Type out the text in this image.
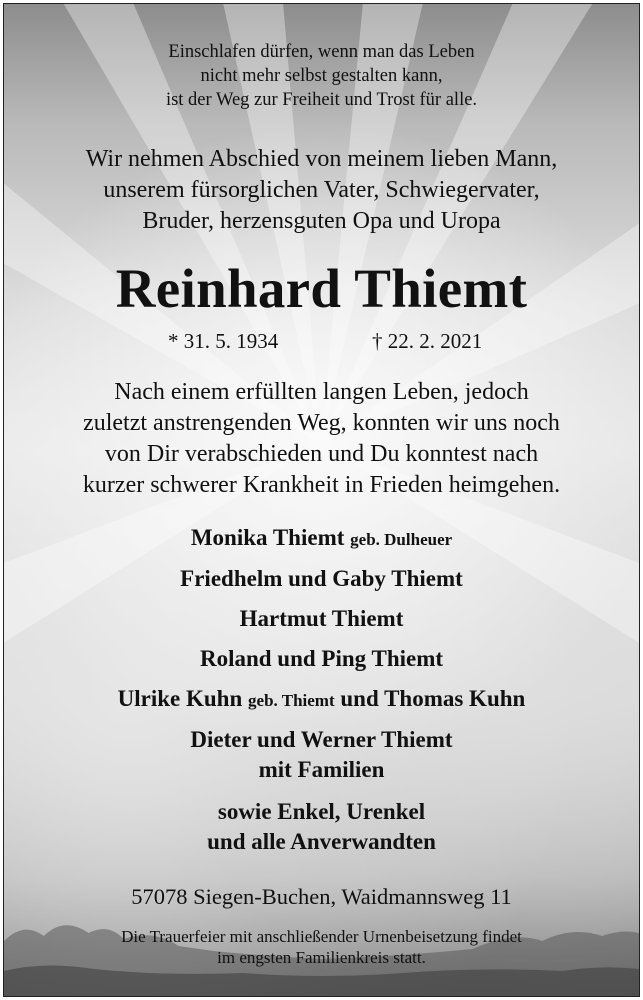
Einschlafen dürfen, wenn man das Leben
nicht mehr selbst gestalten kann,
ist der Weg zur Freiheit und Trost für alle.
Wir nehmen Abschied von meinem lieben Mann,
unserem fürsorglichen Vater, Schwiegervater,
Bruder, herzensguten Opa und Uropa
Reinhard Thiemt
* 31. 5. 1934	† 22. 2. 2021
Nach einem erfüllten langen Leben, jedoch
zuletzt anstrengenden Weg, konnten wir uns noch
von Dir verabschieden und Du konntest nach
kurzer schwerer Krankheit in Frieden heimgehen.
Monika Thiemt geb. Dulheuer
Friedhelm und Gaby Thiemt
Hartmut Thiemt
Roland und Ping Thiemt
Ulrike Kuhn geb. Thiemt und Thomas Kuhn
Dieter und Werner Thiemt
mit Familien
sowie Enkel, Urenkel
und alle Anverwandten
57078 Siegen-Buchen, Waidmannsweg 11
Die Trauerfeier mit anschließender Urnenbeisetzung findet
im engsten Familienkreis statt.
